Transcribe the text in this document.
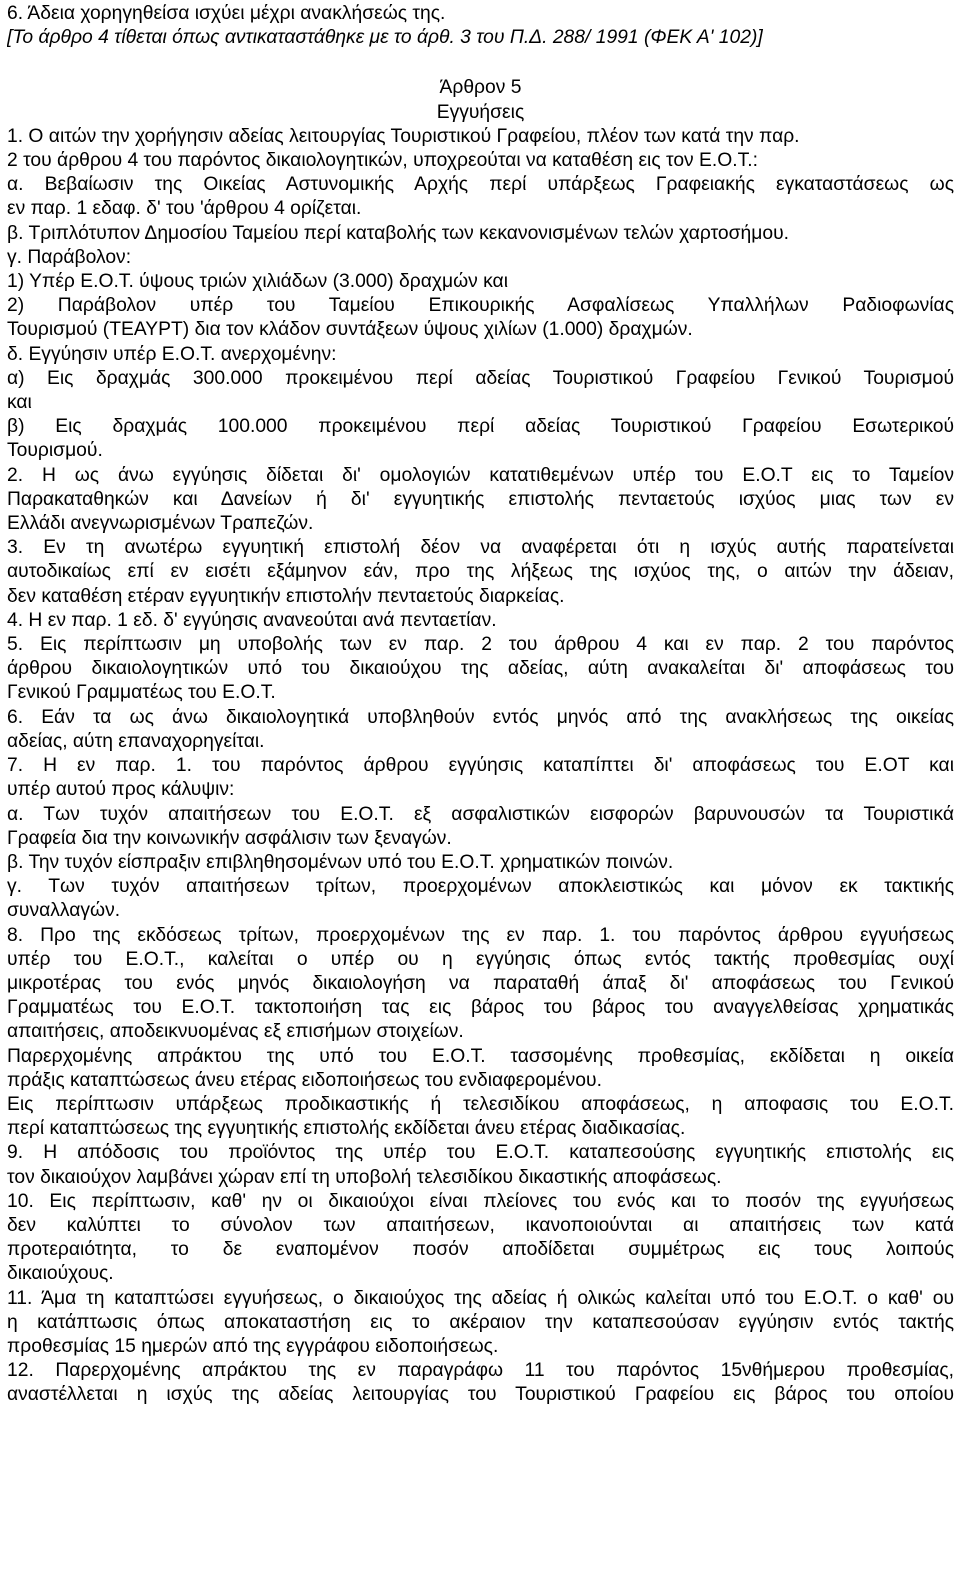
6. Άδεια χορηγηθείσα ισχύει μέχρι ανακλήσεώς της.
[Το άρθρο 4 τίθεται όπως αντικαταστάθηκε με το άρθ. 3 του Π.Δ. 288/ 1991 (ΦΕΚ Α' 102)]
Άρθρον 5
Εγγυήσεις
1. Ο αιτών την χορήγησιν αδείας λειτουργίας Τουριστικού Γραφείου, πλέον των κατά την παρ.
2 του άρθρου 4 του παρόντος δικαιολογητικών, υποχρεούται να καταθέση εις τον Ε.Ο.Τ.:
α. Βεβαίωσιν της Οικείας Αστυνομικής Αρχής περί υπάρξεως Γραφειακής εγκαταστάσεως ως
εν παρ. 1 εδαφ. δ' του 'άρθρου 4 ορίζεται.
β. Τριπλότυπον Δημοσίου Ταμείου περί καταβολής των κεκανονισμένων τελών χαρτοσήμου.
γ. Παράβολον:
1) Υπέρ Ε.Ο.Τ. ύψους τριών χιλιάδων (3.000) δραχμών και
2) Παράβολον υπέρ του Ταμείου Επικουρικής Ασφαλίσεως Υπαλλήλων Ραδιοφωνίας
Τουρισμού (ΤΕΑΥΡΤ) δια τον κλάδον συντάξεων ύψους χιλίων (1.000) δραχμών.
δ. Εγγύησιν υπέρ Ε.Ο.Τ. ανερχομένην:
α) Εις δραχμάς 300.000 προκειμένου περί αδείας Τουριστικού Γραφείου Γενικού Τουρισμού
και
β) Εις δραχμάς 100.000 προκειμένου περί αδείας Τουριστικού Γραφείου Εσωτερικού
Τουρισμού.
2. Η ως άνω εγγύησις δίδεται δι' ομολογιών κατατιθεμένων υπέρ του Ε.Ο.Τ εις το Ταμείον
Παρακαταθηκών και Δανείων ή δι' εγγυητικής επιστολής πενταετούς ισχύος μιας των εν
Ελλάδι ανεγνωρισμένων Τραπεζών.
3. Εν τη ανωτέρω εγγυητική επιστολή δέον να αναφέρεται ότι η ισχύς αυτής παρατείνεται
αυτοδικαίως επί εν εισέτι εξάμηνον εάν, προ της λήξεως της ισχύος της, ο αιτών την άδειαν,
δεν καταθέση ετέραν εγγυητικήν επιστολήν πενταετούς διαρκείας.
4. Η εν παρ. 1 εδ. δ' εγγύησις ανανεούται ανά πενταετίαν.
5. Εις περίπτωσιν μη υποβολής των εν παρ. 2 του άρθρου 4 και εν παρ. 2 του παρόντος
άρθρου δικαιολογητικών υπό του δικαιούχου της αδείας, αύτη ανακαλείται δι' αποφάσεως του
Γενικού Γραμματέως του Ε.Ο.Τ.
6. Εάν τα ως άνω δικαιολογητικά υποβληθούν εντός μηνός από της ανακλήσεως της οικείας
αδείας, αύτη επαναχορηγείται.
7. Η εν παρ. 1. του παρόντος άρθρου εγγύησις καταπίπτει δι' αποφάσεως του Ε.ΟΤ και
υπέρ αυτού προς κάλυψιν:
α. Των τυχόν απαιτήσεων του Ε.Ο.Τ. εξ ασφαλιστικών εισφορών βαρυνουσών τα Τουριστικά
Γραφεία δια την κοινωνικήν ασφάλισιν των ξεναγών.
β. Την τυχόν είσπραξιν επιβληθησομένων υπό του Ε.Ο.Τ. χρηματικών ποινών.
γ. Των τυχόν απαιτήσεων τρίτων, προερχομένων αποκλειστικώς και μόνον εκ τακτικής
συναλλαγών.
8. Προ της εκδόσεως τρίτων, προερχομένων της εν παρ. 1. του παρόντος άρθρου εγγυήσεως
υπέρ του Ε.Ο.Τ., καλείται ο υπέρ ου η εγγύησις όπως εντός τακτής προθεσμίας ουχί
μικροτέρας του ενός μηνός δικαιολογήση να παραταθή άπαξ δι' αποφάσεως του Γενικού
Γραμματέως του Ε.Ο.Τ. τακτοποιήση τας εις βάρος του βάρος του αναγγελθείσας χρηματικάς
απαιτήσεις, αποδεικνυομένας εξ επισήμων στοιχείων.
Παρερχομένης απράκτου της υπό του Ε.Ο.Τ. τασσομένης προθεσμίας, εκδίδεται η οικεία
πράξις καταπτώσεως άνευ ετέρας ειδοποιήσεως του ενδιαφερομένου.
Εις περίπτωσιν υπάρξεως προδικαστικής ή τελεσιδίκου αποφάσεως, η αποφασις του Ε.Ο.Τ.
περί καταπτώσεως της εγγυητικής επιστολής εκδίδεται άνευ ετέρας διαδικασίας.
9. Η απόδοσις του προϊόντος της υπέρ του Ε.Ο.Τ. καταπεσούσης εγγυητικής επιστολής εις
τον δικαιούχον λαμβάνει χώραν επί τη υποβολή τελεσιδίκου δικαστικής αποφάσεως.
10. Εις περίπτωσιν, καθ' ην οι δικαιούχοι είναι πλείονες του ενός και το ποσόν της εγγυήσεως
δεν καλύπτει το σύνολον των απαιτήσεων, ικανοποιούνται αι απαιτήσεις των κατά
προτεραιότητα, το δε εναπομένον ποσόν αποδίδεται συμμέτρως εις τους λοιπούς
δικαιούχους.
11. Άμα τη καταπτώσει εγγυήσεως, ο δικαιούχος της αδείας ή ολικώς καλείται υπό του Ε.Ο.Τ. ο καθ' ου
η κατάπτωσις όπως αποκαταστήση εις το ακέραιον την καταπεσούσαν εγγύησιν εντός τακτής
προθεσμίας 15 ημερών από της εγγράφου ειδοποιήσεως.
12. Παρερχομένης απράκτου της εν παραγράφω 11 του παρόντος 15νθήμερου προθεσμίας,
αναστέλλεται η ισχύς της αδείας λειτουργίας του Τουριστικού Γραφείου εις βάρος του οποίου
